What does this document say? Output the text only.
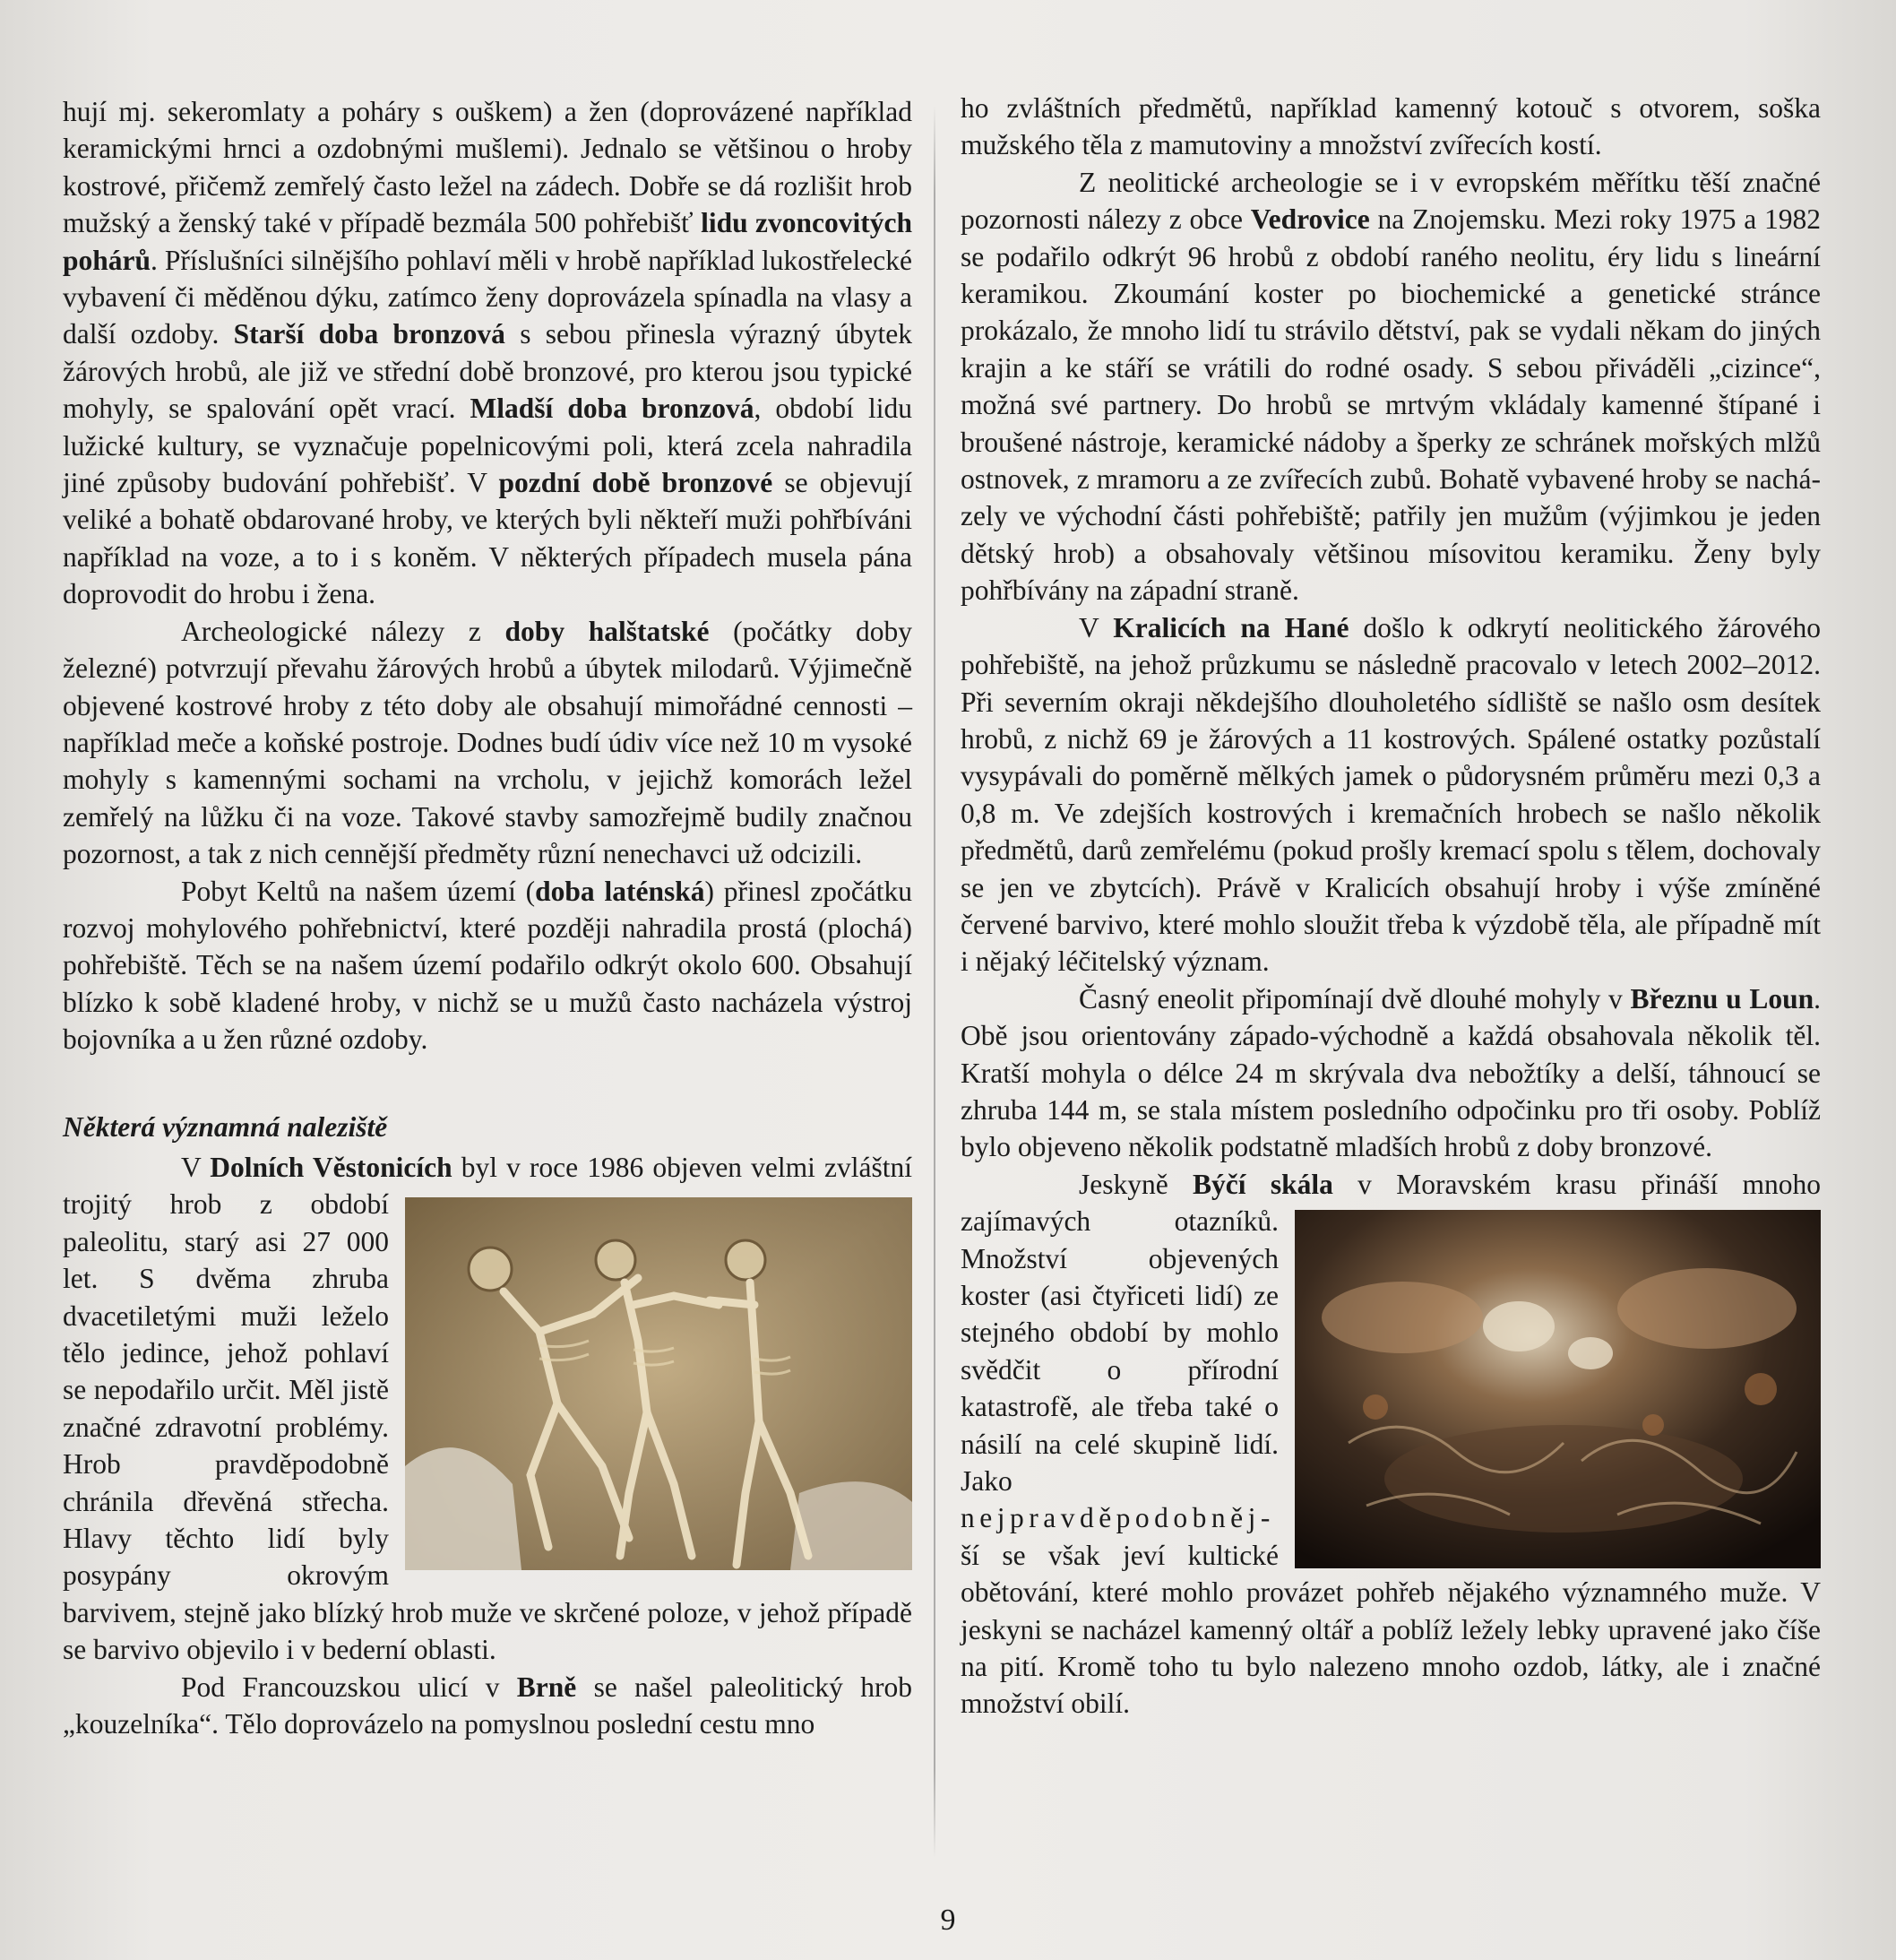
hují mj. sekeromlaty a poháry s ouškem) a žen (doprovázené například keramickými hrnci a ozdobnými mušlemi). Jednalo se většinou o hroby kostrové, přičemž zemřelý často ležel na zádech. Dobře se dá rozlišit hrob mužský a ženský také v případě bezmála 500 pohřebišť lidu zvoncovitých pohárů. Příslušníci silnějšího pohlaví měli v hrobě například lukostřelecké vybavení či měděnou dýku, zatímco ženy doprovázela spínadla na vlasy a další ozdoby. Starší doba bronzová s sebou přinesla výrazný úbytek žárových hrobů, ale již ve střední době bronzové, pro kterou jsou typické mohyly, se spalování opět vrací. Mladší doba bronzová, období lidu lužické kultury, se vyznačuje popelnicovými poli, která zcela nahradila jiné způsoby budování pohřebišť. V pozdní době bronzové se objevují veliké a bohatě obdarované hroby, ve kterých byli někteří muži pohřbíváni například na voze, a to i s koněm. V některých případech musela pána doprovodit do hrobu i žena.

Archeologické nálezy z doby halštatské (počátky doby železné) potvrzují převahu žárových hrobů a úbytek milodarů. Výjimečně objevené kostrové hroby z této doby ale obsahují mimořádné cennosti – například meče a koňské postroje. Dodnes budí údiv více než 10 m vysoké mohyly s kamennými sochami na vrcholu, v jejichž komorách ležel zemřelý na lůžku či na voze. Takové stavby samozřejmě budily značnou pozornost, a tak z nich cennější předměty různí nenechavci už odcizili.

Pobyt Keltů na našem území (doba laténská) přinesl zpočátku rozvoj mohylového pohřebnictví, které později nahradila prostá (plochá) pohřebiště. Těch se na našem území podařilo odkrýt okolo 600. Obsahují blízko k sobě kladené hroby, v nichž se u mužů často nacházela výstroj bojovníka a u žen různé ozdoby.

Některá významná naleziště

V Dolních Věstonicích
byl v roce 1986 objeven velmi zvláštní trojitý hrob z období paleolitu, starý asi 27 000 let. S dvěma zhruba dvacetiletými muži leželo tělo jedince, jehož pohlaví se nepodařilo určit. Měl jistě značné zdravotní problémy. Hrob pravděpodobně chránila dřevěná střecha. Hlavy těchto lidí byly posypány okrovým barvivem, stejně jako blízký hrob muže ve skrčené poloze, v jehož případě se barvivo objevilo i v bederní oblasti.

Pod Francouzskou ulicí v Brně se našel paleolitický hrob „kouzelníka“. Tělo doprovázelo na pomyslnou poslední cestu mno

ho zvláštních předmětů, například kamenný kotouč s otvorem, soška mužského těla z mamutoviny a množství zvířecích kostí.

Z neolitické archeologie se i v evropském měřítku těší značné pozornosti nálezy z obce Vedrovice na Znojemsku. Mezi roky 1975 a 1982 se podařilo odkrýt 96 hrobů z období raného neolitu, éry lidu s lineární keramikou. Zkoumání koster po biochemické a genetické stránce prokázalo, že mnoho lidí tu strávilo dětství, pak se vydali někam do jiných krajin a ke stáří se vrátili do rodné osady. S sebou přiváděli „cizince“, možná své partnery. Do hrobů se mrtvým vkládaly kamenné štípané i broušené nástroje, keramické nádoby a šperky ze schránek mořských mlžů ostnovek, z mramoru a ze zvířecích zubů. Bohatě vybavené hroby se nacházely ve východní části pohřebiště; patřily jen mužům (výjimkou je jeden dětský hrob) a obsahovaly většinou mísovitou keramiku. Ženy byly pohřbívány na západní straně.

V Kralicích na Hané došlo k odkrytí neolitického žárového pohřebiště, na jehož průzkumu se následně pracovalo v letech 2002–2012. Při severním okraji někdejšího dlouholetého sídliště se našlo osm desítek hrobů, z nichž 69 je žárových a 11 kostrových. Spálené ostatky pozůstalí vysypávali do poměrně mělkých jamek o půdorysném průměru mezi 0,3 a 0,8 m. Ve zdejších kostrových i kremačních hrobech se našlo několik předmětů, darů zemřelému (pokud prošly kremací spolu s tělem, dochovaly se jen ve zbytcích). Právě v Kralicích obsahují hroby i výše zmíněné červené barvivo, které mohlo sloužit třeba k výzdobě těla, ale případně mít i nějaký léčitelský význam.

Časný eneolit připomínají dvě dlouhé mohyly v Březnu u Loun. Obě jsou orientovány západo-východně a každá obsahovala několik těl. Kratší mohyla o délce 24 m skrývala dva nebožtíky a delší, táhnoucí se zhruba 144 m, se stala místem posledního odpočinku pro tři osoby. Poblíž bylo objeveno několik podstatně mladších hrobů z doby bronzové.

Jeskyně Býčí skála
v Moravském krasu přináší mnoho zajímavých otazníků. Množství objevených koster (asi čtyřiceti lidí) ze stejného období by mohlo svědčit o přírodní katastrofě, ale třeba také o násilí na celé skupině lidí. Jako nejpravděpodobnější se však jeví kultické obětování, které mohlo provázet pohřeb nějakého významného muže. V jeskyni se nacházel kamenný oltář a poblíž ležely lebky upravené jako číše na pití. Kromě toho tu bylo nalezeno mnoho ozdob, látky, ale i značné množství obilí.

9
